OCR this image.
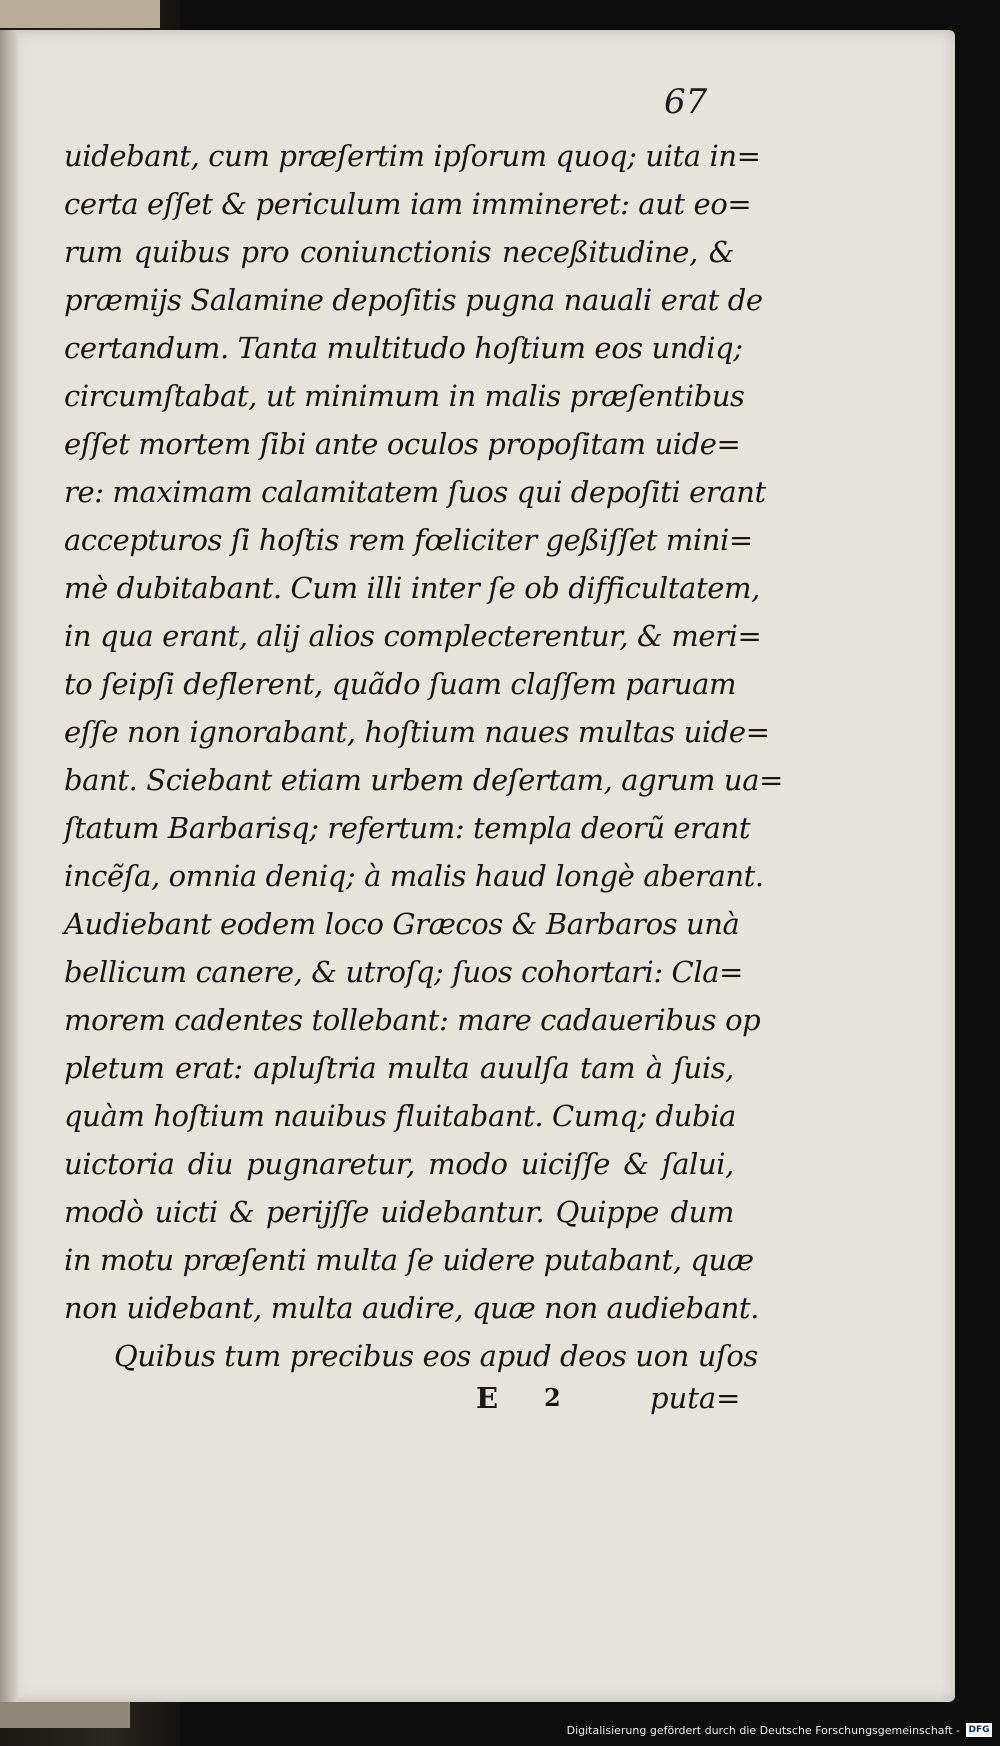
67
uidebant, cum præſertim ipſorum quoq; uita in=
certa eſſet & periculum iam immineret: aut eo=
rum quibus pro coniunctionis neceßitudine, &
præmijs Salamine depoſitis pugna nauali erat de
certandum. Tanta multitudo hoſtium eos undiq;
circumſtabat, ut minimum in malis præſentibus
eſſet mortem ſibi ante oculos propoſitam uide=
re: maximam calamitatem ſuos qui depoſiti erant
accepturos ſi hoſtis rem fœliciter geßiſſet mini=
mè dubitabant. Cum illi inter ſe ob difficultatem,
in qua erant, alij alios complecterentur, & meri=
to ſeipſi deflerent, quãdo ſuam claſſem paruam
eſſe non ignorabant, hoſtium naues multas uide=
bant. Sciebant etiam urbem deſertam, agrum ua=
ſtatum Barbarisq; refertum: templa deorũ erant
incẽſa, omnia deniq; à malis haud longè aberant.
Audiebant eodem loco Græcos & Barbaros unà
bellicum canere, & utroſq; ſuos cohortari: Cla=
morem cadentes tollebant: mare cadaueribus op
pletum erat: apluſtria multa auulſa tam à ſuis,
quàm hoſtium nauibus fluitabant. Cumq; dubia
uictoria diu pugnaretur, modo uiciſſe & ſalui,
modò uicti & perijſſe uidebantur. Quippe dum
in motu præſenti multa ſe uidere putabant, quæ
non uidebant, multa audire, quæ non audiebant.
Quibus tum precibus eos apud deos uon uſos
E 2	puta=
Digitalisierung gefördert durch die Deutsche Forschungsgemeinschaft - DFG
